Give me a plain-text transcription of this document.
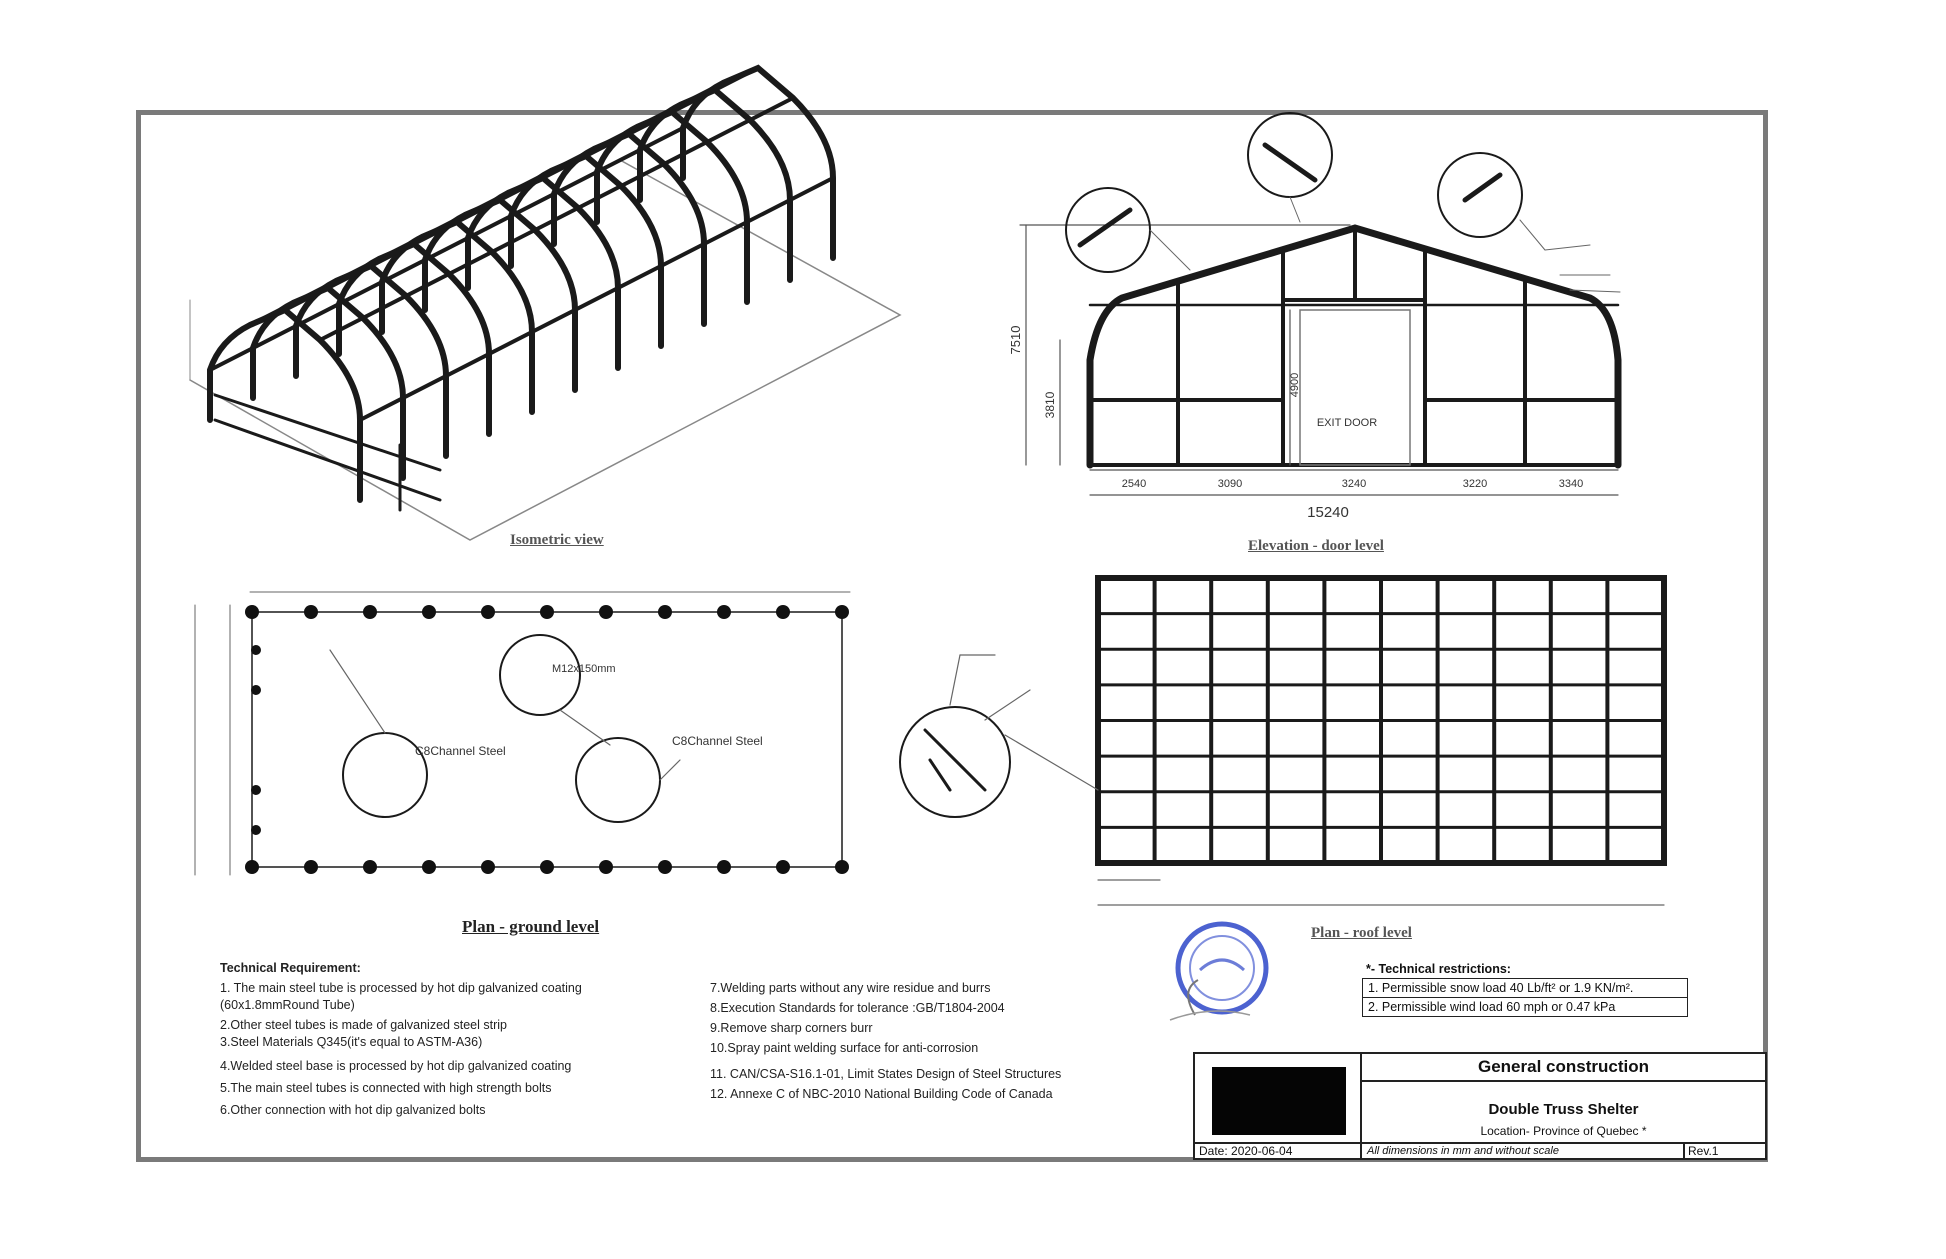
15240
7510
3810
4900
EXIT DOOR
2540	3090	3240	3220	3340
M12x150mm
C8Channel Steel
C8Channel Steel
Isometric view	Elevation - door level
Plan - ground level	Plan - roof level
Technical Requirement:
1. The main steel tube is processed by hot dip galvanized coating
(60x1.8mmRound Tube)
2.Other steel tubes is made of galvanized steel strip
3.Steel Materials Q345(it's equal to ASTM-A36)
4.Welded steel base is processed by hot dip galvanized coating
5.The main steel tubes is connected with high strength bolts
6.Other connection with hot dip galvanized bolts
7.Welding parts without any wire residue and burrs
8.Execution Standards for tolerance :GB/T1804-2004
9.Remove sharp corners burr
10.Spray paint welding surface for anti-corrosion
11. CAN/CSA-S16.1-01, Limit States Design of Steel Structures
12. Annexe C of NBC-2010 National Building Code of Canada
*- Technical restrictions:
1. Permissible snow load 40 Lb/ft² or 1.9 KN/m².
2. Permissible wind load 60 mph or 0.47 kPa
General construction
Double Truss Shelter
Location- Province of Quebec *
Date: 2020-06-04	All dimensions in mm and without scale	Rev.1
